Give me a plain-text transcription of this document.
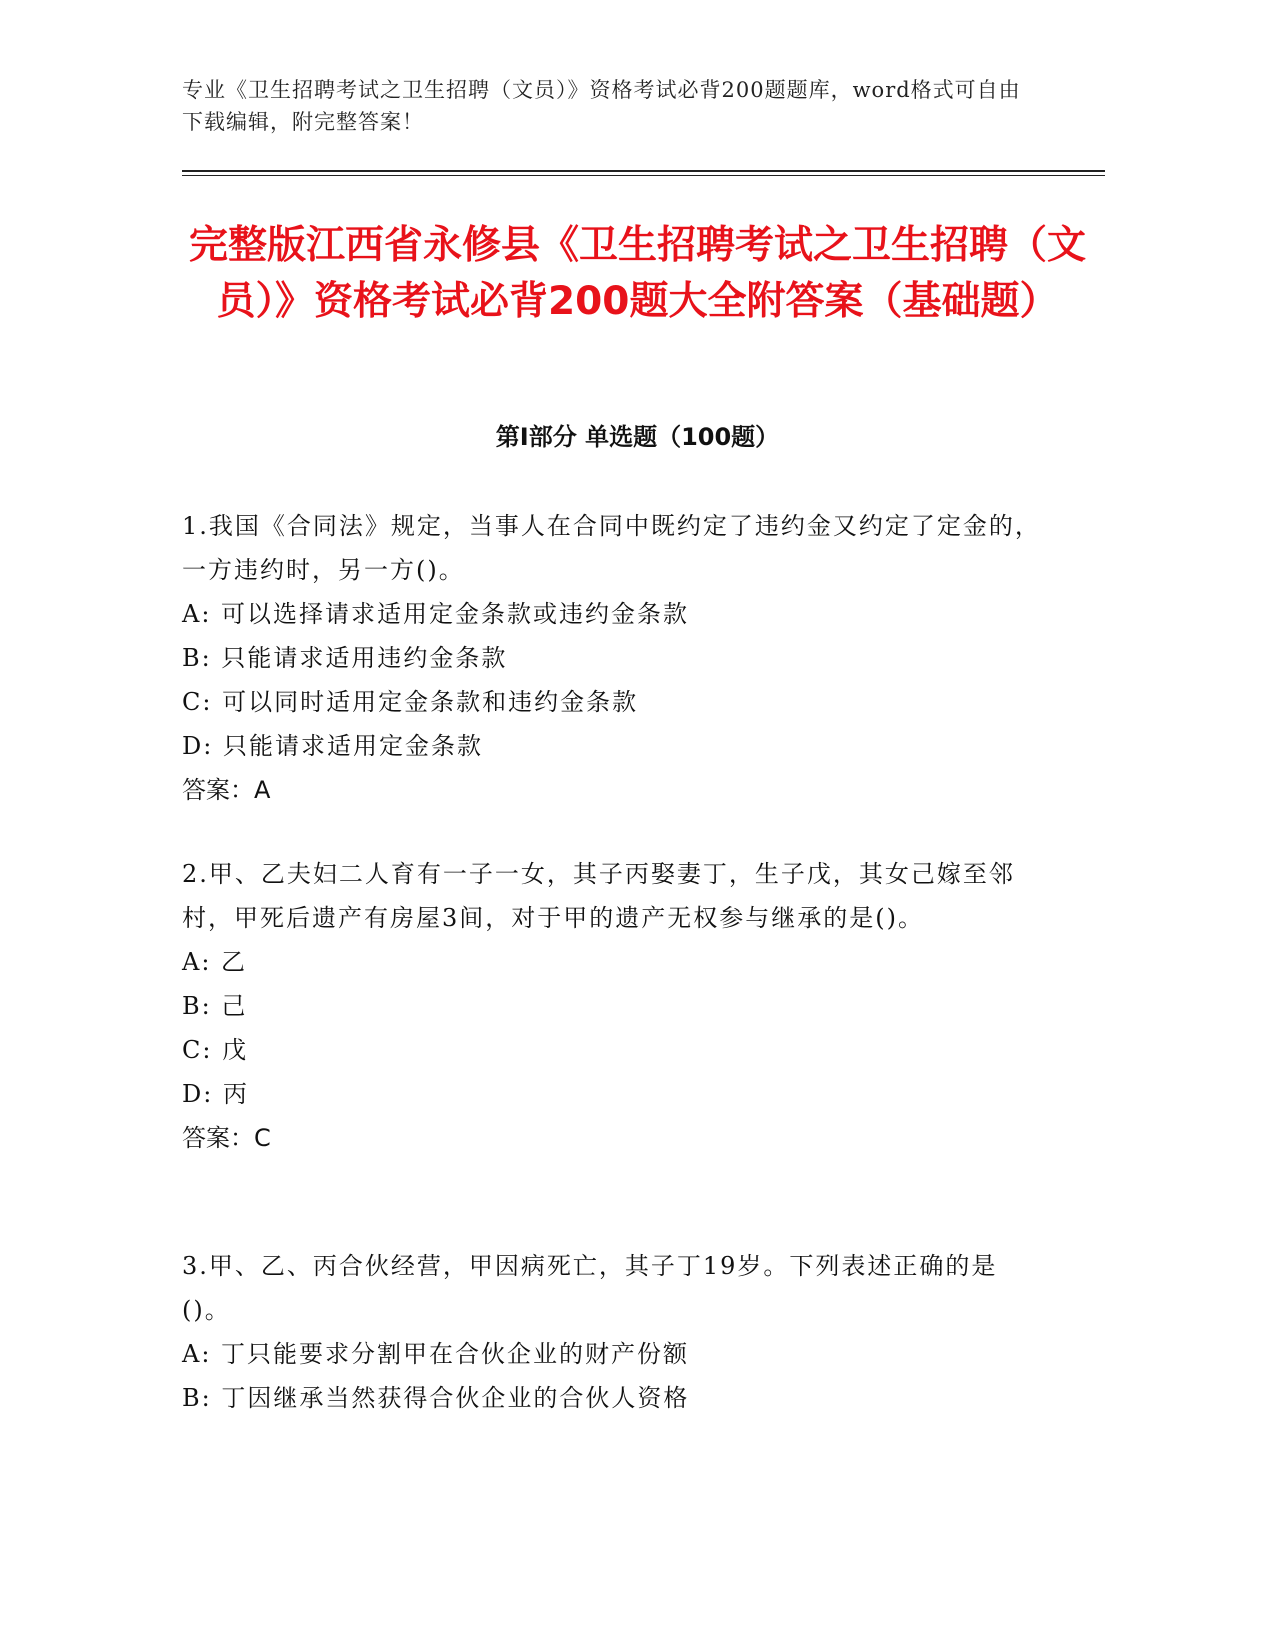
专业《卫生招聘考试之卫生招聘（文员）》资格考试必背200题题库，word格式可自由下载编辑，附完整答案！
完整版江西省永修县《卫生招聘考试之卫生招聘（文员）》资格考试必背200题大全附答案（基础题）
第I部分 单选题（100题）

1.我国《合同法》规定，当事人在合同中既约定了违约金又约定了定金的，一方违约时，另一方()。

A: 可以选择请求适用定金条款或违约金条款

B: 只能请求适用违约金条款

C: 可以同时适用定金条款和违约金条款

D: 只能请求适用定金条款

答案：A

2.甲、乙夫妇二人育有一子一女，其子丙娶妻丁，生子戊，其女己嫁至邻村，甲死后遗产有房屋3间，对于甲的遗产无权参与继承的是()。

A: 乙

B: 己

C: 戊

D: 丙

答案：C

3.甲、乙、丙合伙经营，甲因病死亡，其子丁19岁。下列表述正确的是()。

A: 丁只能要求分割甲在合伙企业的财产份额

B: 丁因继承当然获得合伙企业的合伙人资格
